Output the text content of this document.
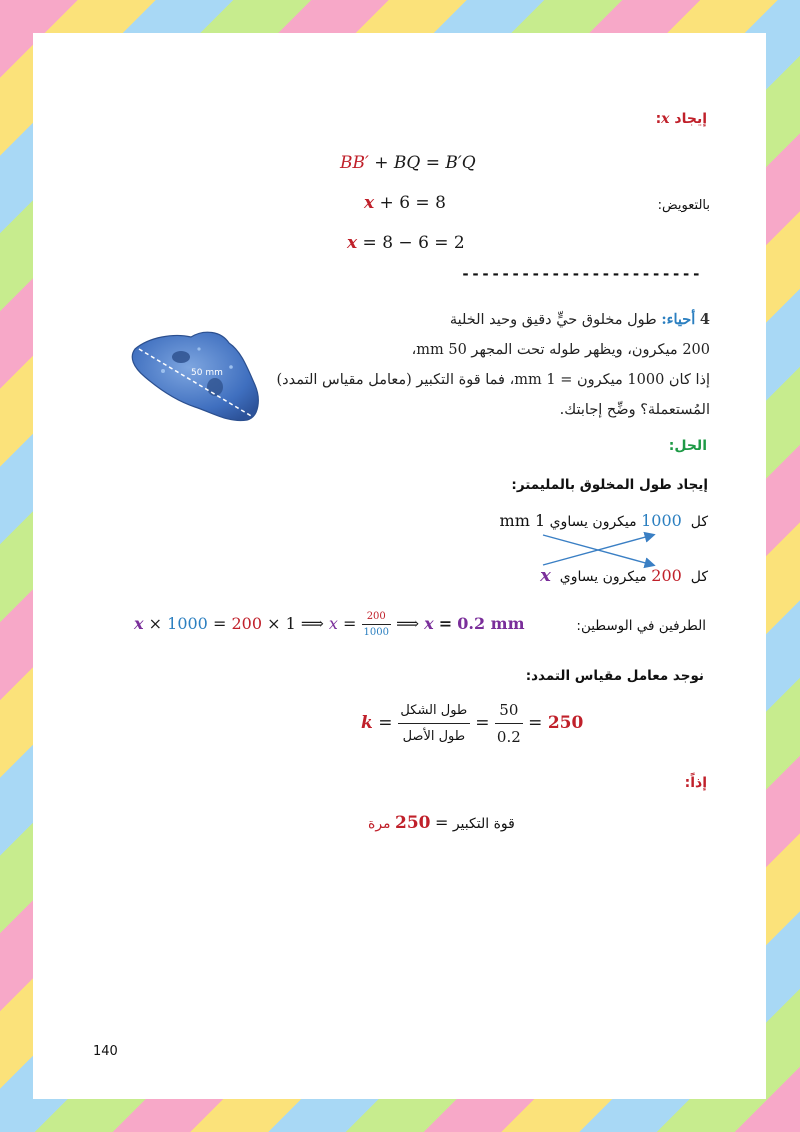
إيجاد x:
BB′ + BQ = B′Q
بالتعويض:
x + 6 = 8
x = 8 − 6 = 2
------------------------
4 أحياء: طول مخلوق حيٍّ دقيق وحيد الخلية
200 ميكرون، ويظهر طوله تحت المجهر 50 mm،
إذا كان 1000 ميكرون = 1 mm، فما قوة التكبير (معامل مقياس التمدد)
المُستعملة؟ وضِّح إجابتك.
50 mm
الحل:
إيجاد طول المخلوق بالمليمتر:
كل  1000 ميكرون يساوي 1 mm
كل  200 ميكرون يساوي  x
الطرفين في الوسطين:
x × 1000 = 200 × 1 ⟹ $x = \frac{200}{1000}$ ⟹ x = 0.2 mm
نوجد معامل مقياس التمدد:
$k = \frac{\text{طول الشكل}}{\text{طول الأصل}} = \frac{50}{0.2} = 250$
إذاً:
قوة التكبير = 250 مرة
140
